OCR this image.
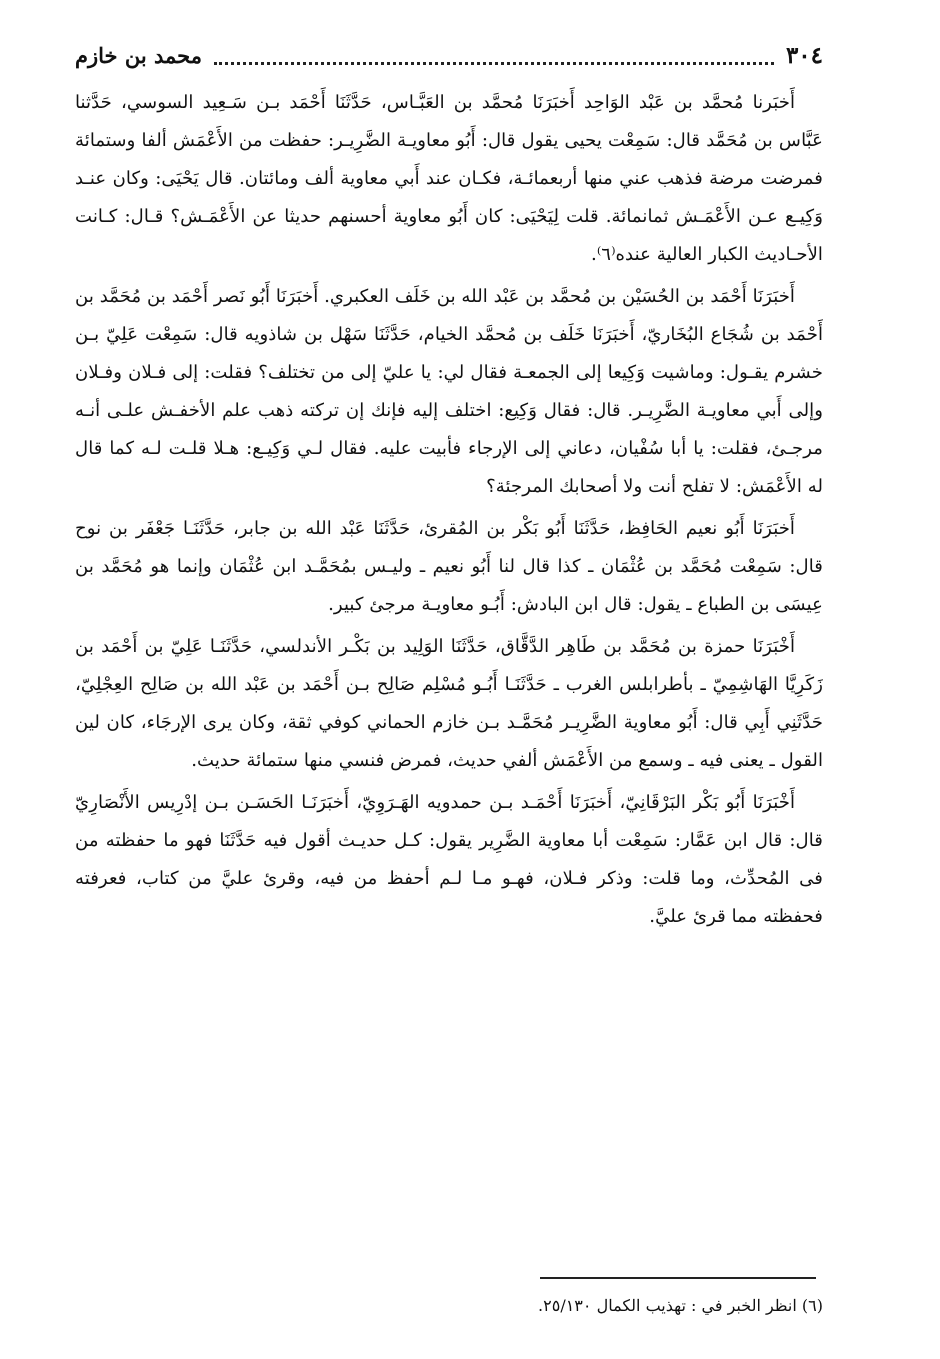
٣٠٤
محمد بن خازم

أَخبَرنا مُحمَّد بن عَبْد الوَاحِد أَخبَرَنَا مُحمَّد بن العَبَّـاس، حَدَّثَنَا أَحْمَد بـن سَـعِيد السوسي، حَدَّثنا عَبَّاس بن مُحَمَّد قال: سَمِعْت يحيى يقول قال: أَبُو معاويـة الضَّرِيـر: حفظت من الأَعْمَش ألفا وستمائة فمرضت مرضة فذهب عني منها أربعمائـة، فكـان عند أَبي معاوية ألف ومائتان. قال يَحْيَى: وكان عنـد وَكِيـع عـن الأَعْمَـش ثمانمائة. قلت لِيَحْيَى: كان أَبُو معاوية أحسنهم حديثا عن الأَعْمَـش؟ قـال: كـانت الأحـاديث الكبار العالية عنده⁽٦⁾.

أَخبَرَنَا أَحْمَد بن الحُسَيْن بن مُحمَّد بن عَبْد الله بن خَلَف العكبري. أَخبَرَنَا أَبُو نَصر أَحْمَد بن مُحَمَّد بن أَحْمَد بن شُجَاع البُخَاريّ، أَخبَرَنَا خَلَف بن مُحمَّد الخيام، حَدَّثَنَا سَهْل بن شاذويه قال: سَمِعْت عَلِيّ بـن خشرم يقـول: وماشيت وَكِيعا إلى الجمعـة فقال لي: يا عليّ إلى من تختلف؟ فقلت: إلى فـلان وفـلان وإلى أَبي معاويـة الضَّرِيـر. قال: فقال وَكِيع: اختلف إليه فإنك إن تركته ذهب علم الأخفـش علـى أنـه مرجـئ، فقلت: يا أبا سُفْيان، دعاني إلى الإرجاء فأبيت عليه. فقال لـي وَكِيـع: هـلا قلـت لـه كما قال له الأَعْمَش: لا تفلح أنت ولا أصحابك المرجئة؟

أَخبَرَنَا أَبُو نعيم الحَافِظ، حَدَّثَنَا أَبُو بَكْر بن المُقرئ، حَدَّثَنَا عَبْد الله بن جابر، حَدَّثَنَـا جَعْفَر بن نوح قال: سَمِعْت مُحَمَّد بن عُثْمَان ـ كذا قال لنا أَبُو نعيم ـ وليـس بمُحَمَّـد ابن عُثْمَان وإنما هو مُحَمَّد بن عِيسَى بن الطباع ـ يقول: قال ابن البادش: أَبُـو معاويـة مرجئ كبير.

أَخْبَرَنَا حمزة بن مُحَمَّد بن طَاهِر الدَّقَّاق، حَدَّثَنَا الوَلِيد بن بَكْـر الأندلسي، حَدَّثَنَـا عَلِيّ بن أَحْمَد بن زَكَرِيَّا الهَاشِمِيّ ـ بأطرابلس الغرب ـ حَدَّثَنَـا أَبُـو مُسْلِم صَالِح بـن أَحْمَد بن عَبْد الله بن صَالِح العِجْلِيّ، حَدَّثَنِي أَبِي قال: أَبُو معاوية الضَّرِيـر مُحَمَّـد بـن خازم الحماني كوفي ثقة، وكان يرى الإرجَاء، كان لين القول ـ يعنى فيه ـ وسمع من الأَعْمَش ألفي حديث، فمرض فنسي منها ستمائة حديث.

أَخْبَرَنَا أَبُو بَكْر البَرْقَانِيّ، أَخبَرَنَا أَحْمَـد بـن حمدويه الهَـرَوِيّ، أَخبَرَنَـا الحَسَـن بـن إدْرِيس الأَنْصَارِيّ قال: قال ابن عَمَّار: سَمِعْت أبا معاوية الضَّرِير يقول: كـل حديـث أقول فيه حَدَّثَنَا فهو ما حفظته من فى المُحدِّث، وما قلت: وذكر فـلان، فهـو مـا لـم أحفظ من فيه، وقرئ عليَّ من كتاب، فعرفته فحفظته مما قرئ عليَّ.

(٦) انظر الخبر في : تهذيب الكمال ٢٥/١٣٠.
